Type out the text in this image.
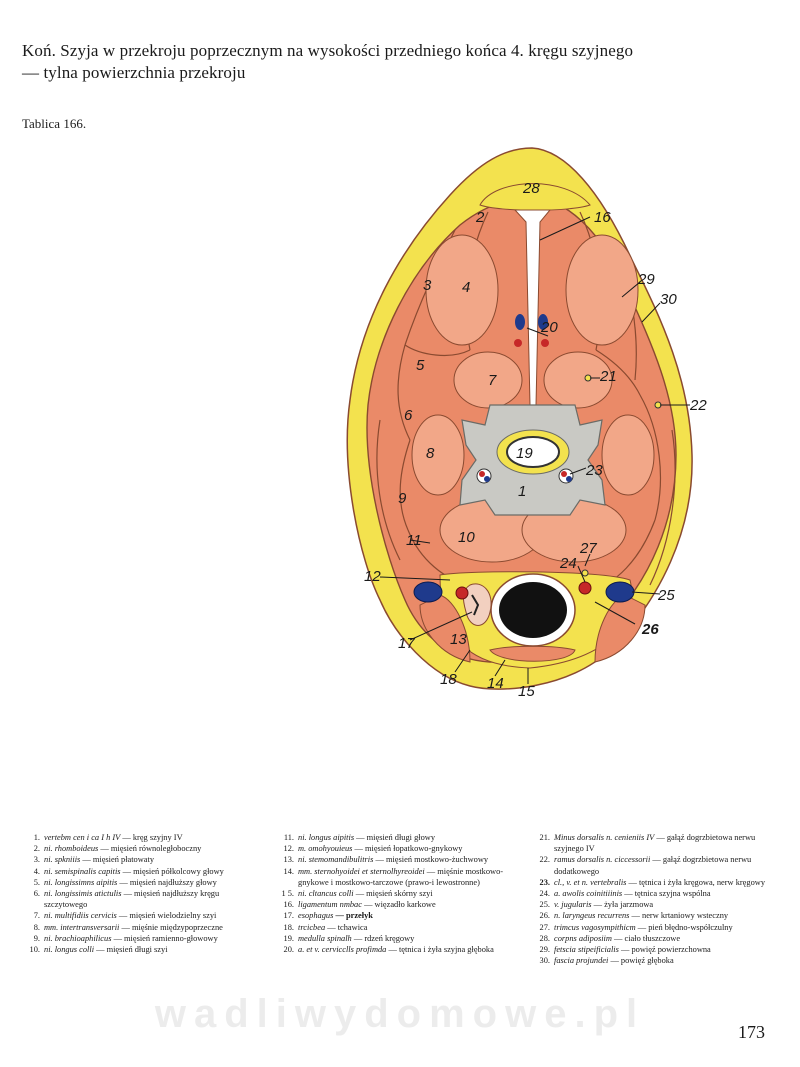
Koń. Szyja w przekroju poprzecznym na wysokości przedniego końca 4. kręgu szyjnego
— tylna powierzchnia przekroju
Tablica 166.
28
2	16
3 4	29
30
20
5
7	21
22
6
8	19
23
1
9
11 10
27
24
12
25
26
17 13
18 14 15
1. vertebm cen i ca I h IV — kręg szyjny IV
2. ni. rhomboideus — mięsień równoległoboczny
3. ni. spkniiis — mięsień płatowaty
4. ni. semispinalis capitis — mięsień półkolcowy głowy
5. ni. longissimns aipitis — mięsień najdłuższy głowy
6. ni. longissimis atictulis — mięsień najdłuższy kręgu szczytowego
7. ni. multifidiis cervicis — mięsień wielodzielny szyi
8. mm. intertransversarii — mięśnie międzypoprzeczne
9. ni. brachioaphilicus — mięsień ramienno-głowowy
10. ni. longus colli — mięsień długi szyi
11. ni. longus aipitis — mięsień długi głowy
12. m. omohyouieus — mięsień łopatkowo-gnykowy
13. ni. stemomandibulitris — mięsień mostkowo-żuchwowy
14. mm. sternohyoidei et sternolhyreoidei — mięśnie mostkowo-gnykowe i mostkowo-tarczowe (prawo-i lewostronne)
1 5. ni. cltancus colli — mięsień skórny szyi
16. ligamentum nmbac — więzadło karkowe
17. esophagus — przełyk
18. trcicbea — tchawica
19. medulla spinalh — rdzeń kręgowy
20. a. et v. cervicclls profimda — tętnica i żyła szyjna głęboka
21. Minus dorsalis n. cenieniis IV — gałąź dogrzbietowa nerwu szyjnego IV
22. ramus dorsalis n. ciccessorii — gałąź dogrzbietowa nerwu dodatkowego
23. cl., v. et n. vertebralis — tętnica i żyła kręgowa, nerw kręgowy
24. a. awolis coinitiiinis — tętnica szyjna wspólna
25. v. jugularis — żyła jarzmowa
26. n. laryngeus recurrens — nerw krtaniowy wsteczny
27. trimcus vagosympithicm — pień błędno-współczulny
28. corpns adiposiim — ciało tłuszczowe
29. fetscia stipeificialis — powięź powierzchowna
30. fascia projundei — powięź głęboka
wadliwydomowe.pl	173
